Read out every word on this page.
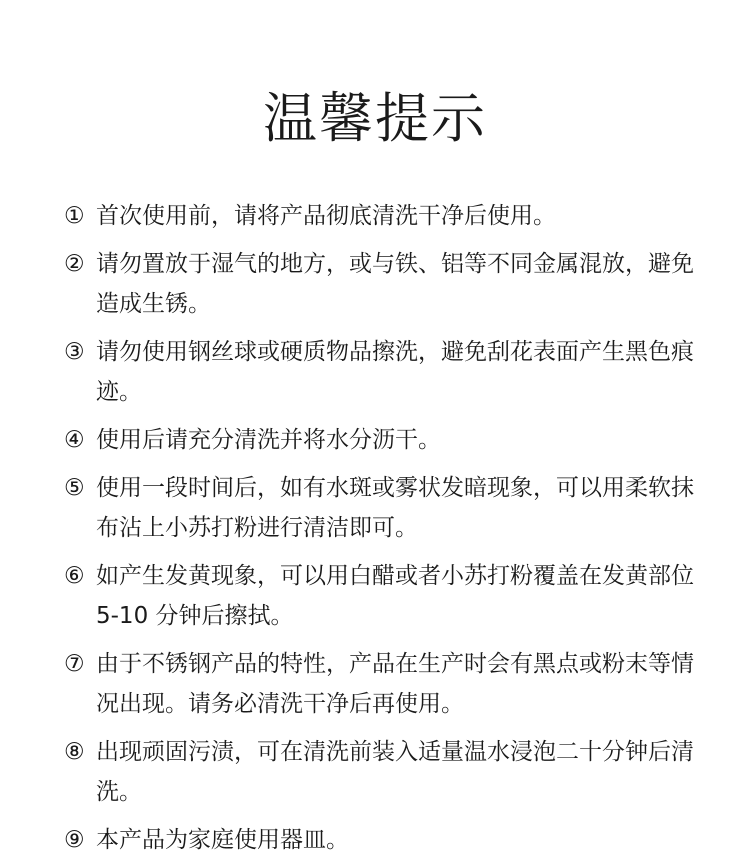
温馨提示
① 首次使用前，请将产品彻底清洗干净后使用。
② 请勿置放于湿气的地方，或与铁、铝等不同金属混放，避免造成生锈。
③ 请勿使用钢丝球或硬质物品擦洗，避免刮花表面产生黑色痕迹。
④ 使用后请充分清洗并将水分沥干。
⑤ 使用一段时间后，如有水斑或雾状发暗现象，可以用柔软抹布沾上小苏打粉进行清洁即可。
⑥ 如产生发黄现象，可以用白醋或者小苏打粉覆盖在发黄部位 5-10 分钟后擦拭。
⑦ 由于不锈钢产品的特性，产品在生产时会有黑点或粉末等情况出现。请务必清洗干净后再使用。
⑧ 出现顽固污渍，可在清洗前装入适量温水浸泡二十分钟后清洗。
⑨ 本产品为家庭使用器皿。
